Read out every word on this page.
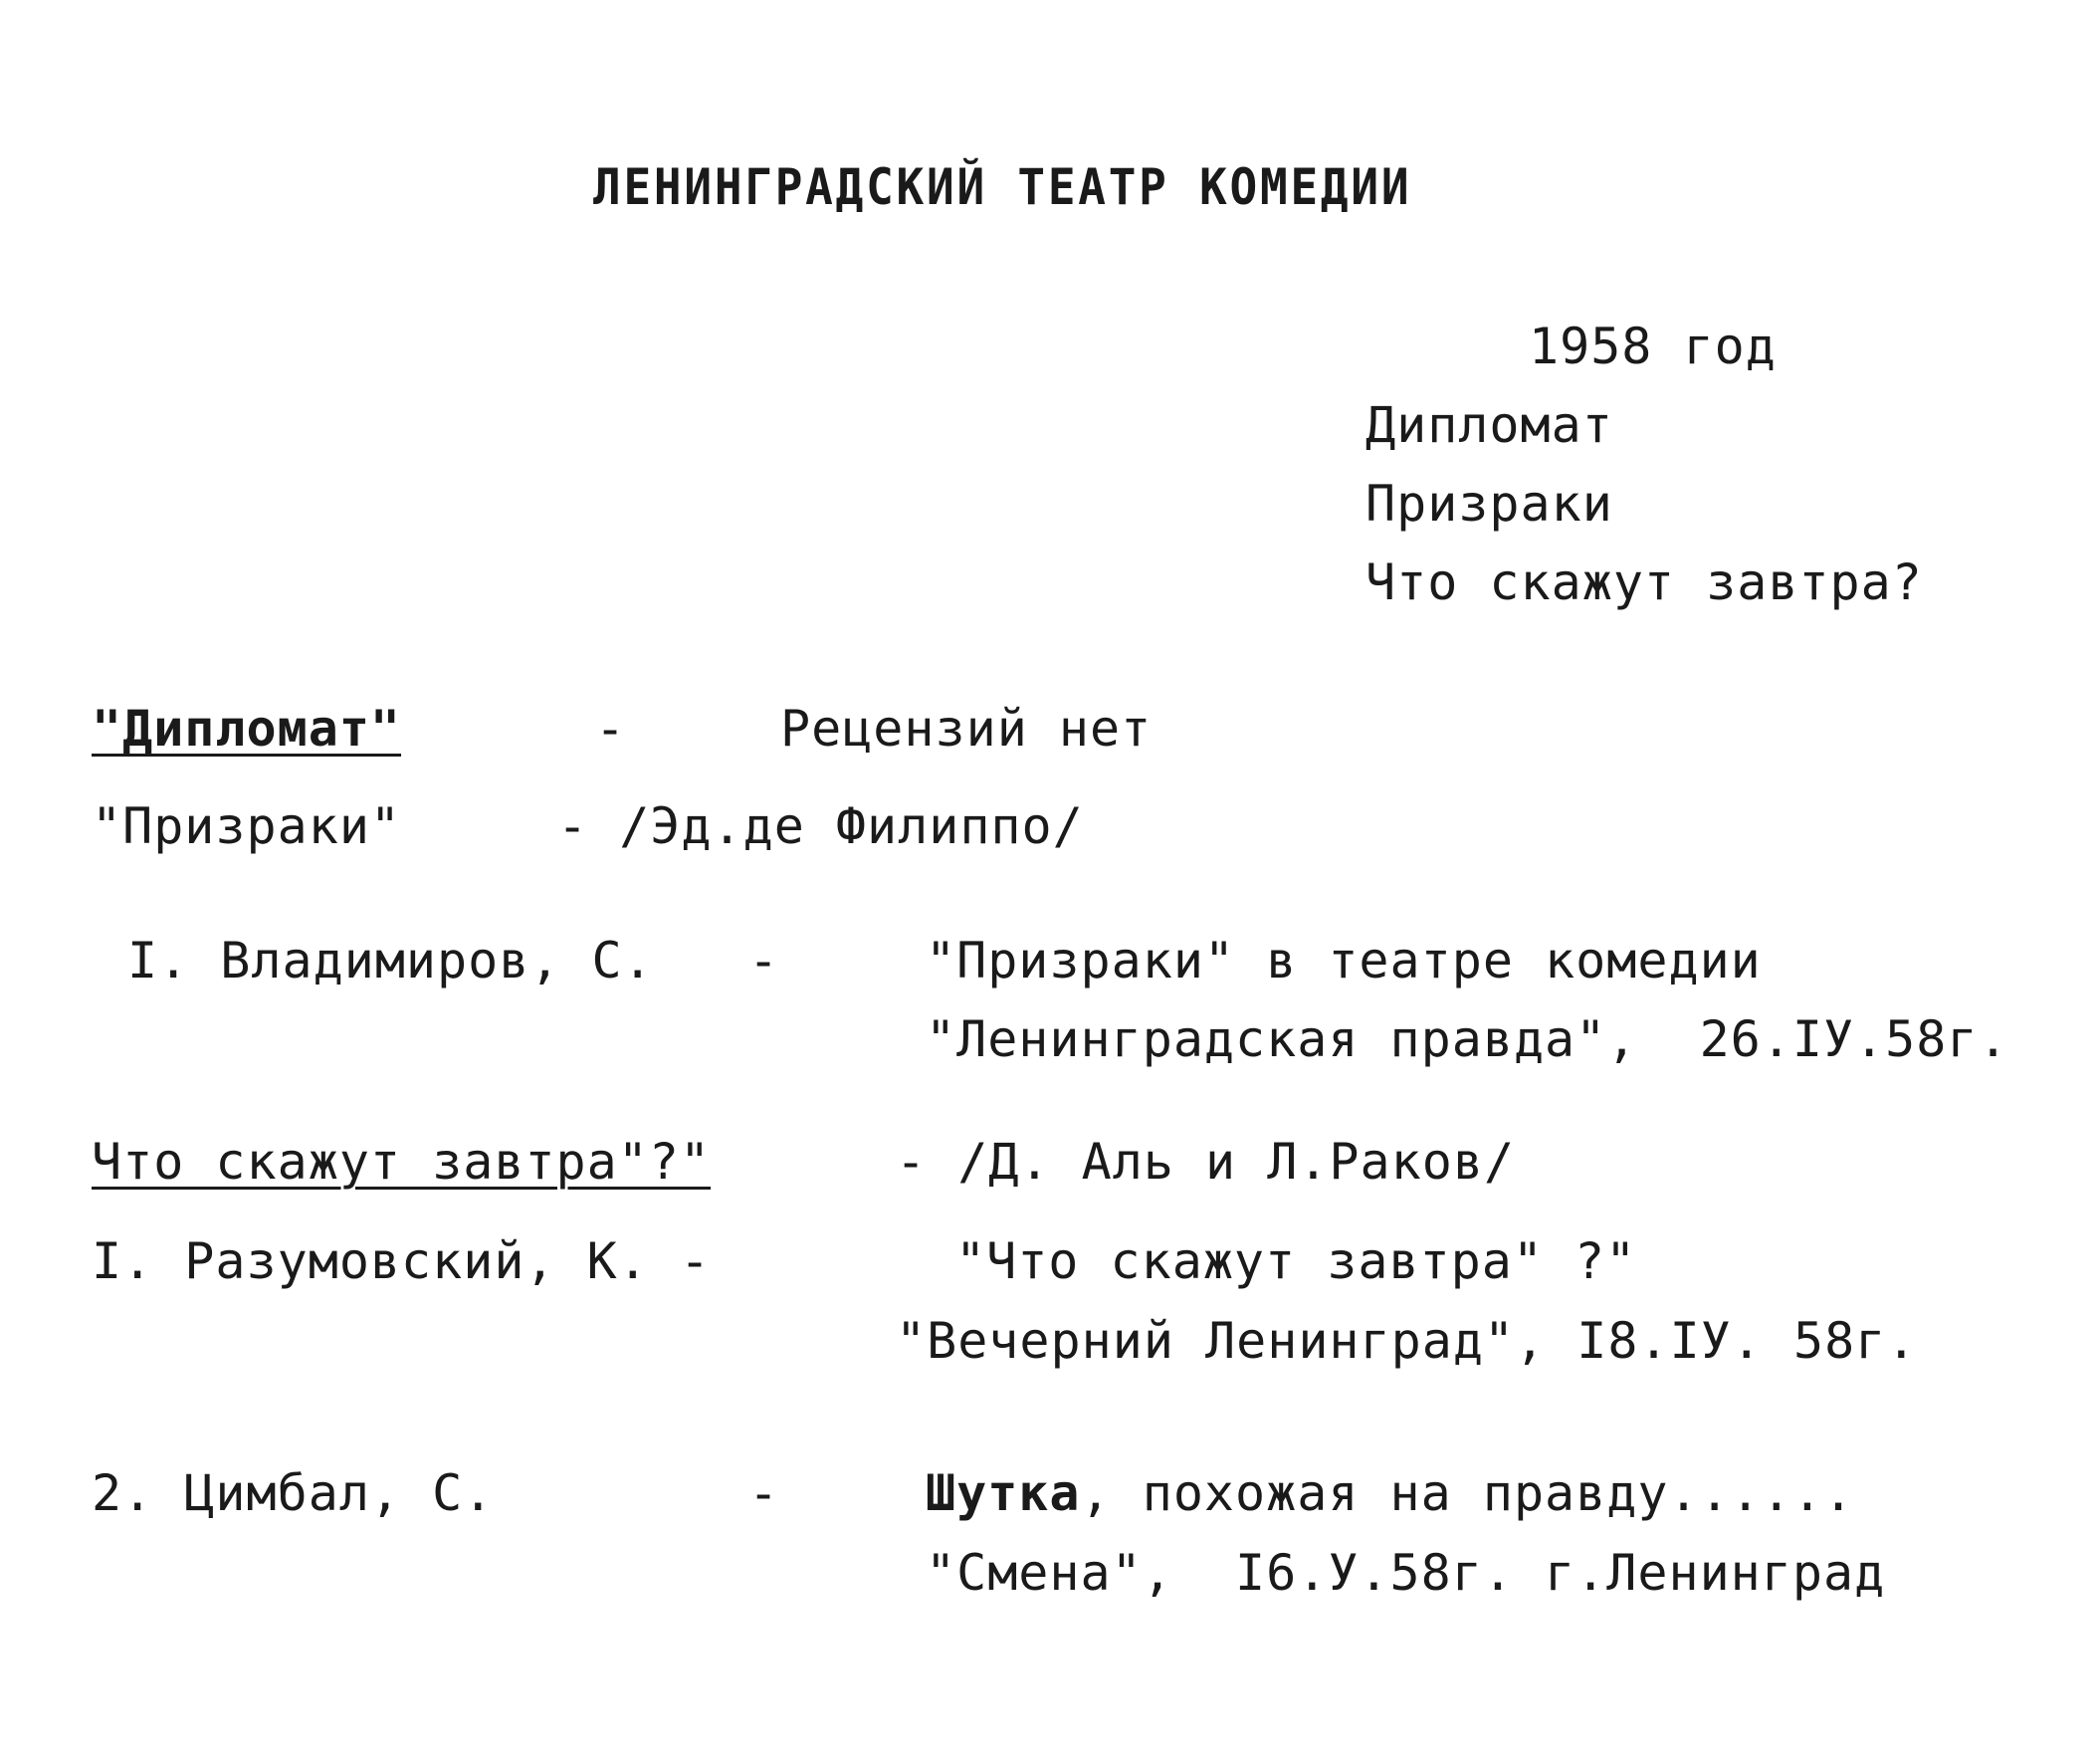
ЛЕНИНГРАДСКИЙ ТЕАТР КОМЕДИИ
1958 год
Дипломат
Призраки
Что скажут завтра?
"Дипломат"	-	Рецензий нет
"Призраки"	- /Эд.де Филиппо/
I. Владимиров, С. -	"Призраки" в театре комедии
"Ленинградская правда",  26.IУ.58г.
Что скажут завтра"?"	- /Д. Аль и Л.Раков/
I. Разумовский, К. -	"Что скажут завтра" ?"
"Вечерний Ленинград", I8.IУ. 58г.
2. Цимбал, С.	-	Шутка, похожая на правду......
"Смена",  I6.У.58г. г.Ленинград
